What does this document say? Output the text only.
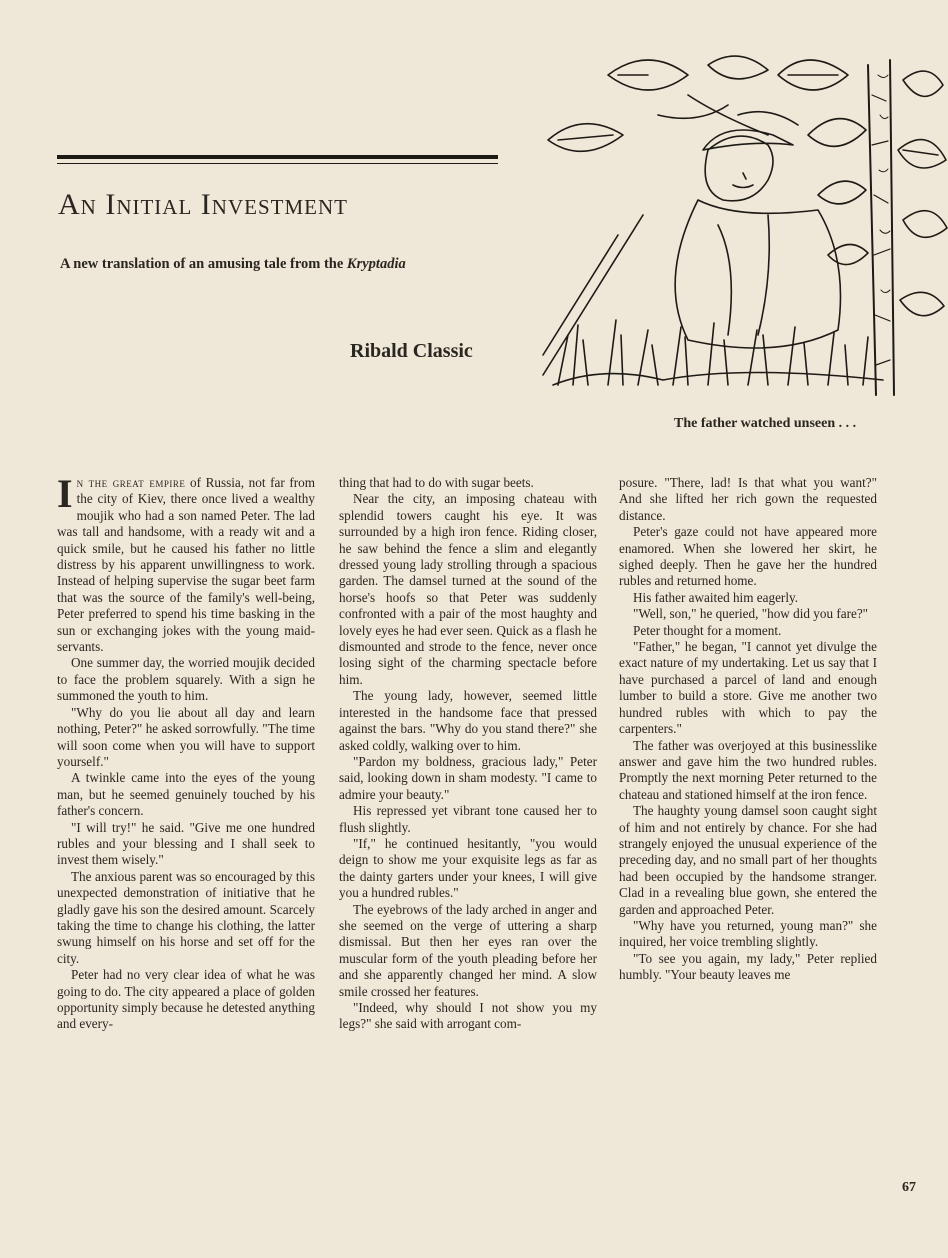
An Initial Investment
A new translation of an amusing tale from the Kryptadia
Ribald Classic
The father watched unseen . . .

In the great empire of Russia, not far from the city of Kiev, there once lived a wealthy moujik who had a son named Peter. The lad was tall and handsome, with a ready wit and a quick smile, but he caused his father no little distress by his apparent unwillingness to work. Instead of helping supervise the sugar beet farm that was the source of the family's well-being, Peter preferred to spend his time basking in the sun or exchanging jokes with the young maid-servants.

One summer day, the worried moujik decided to face the problem squarely. With a sign he summoned the youth to him.

"Why do you lie about all day and learn nothing, Peter?" he asked sorrowfully. "The time will soon come when you will have to support yourself."

A twinkle came into the eyes of the young man, but he seemed genuinely touched by his father's concern.

"I will try!" he said. "Give me one hundred rubles and your blessing and I shall seek to invest them wisely."

The anxious parent was so encouraged by this unexpected demonstration of initiative that he gladly gave his son the desired amount. Scarcely taking the time to change his clothing, the latter swung himself on his horse and set off for the city.

Peter had no very clear idea of what he was going to do. The city appeared a place of golden opportunity simply because he detested anything and every-

thing that had to do with sugar beets.

Near the city, an imposing chateau with splendid towers caught his eye. It was surrounded by a high iron fence. Riding closer, he saw behind the fence a slim and elegantly dressed young lady strolling through a spacious garden. The damsel turned at the sound of the horse's hoofs so that Peter was suddenly confronted with a pair of the most haughty and lovely eyes he had ever seen. Quick as a flash he dismounted and strode to the fence, never once losing sight of the charming spectacle before him.

The young lady, however, seemed little interested in the handsome face that pressed against the bars. "Why do you stand there?" she asked coldly, walking over to him.

"Pardon my boldness, gracious lady," Peter said, looking down in sham modesty. "I came to admire your beauty."

His repressed yet vibrant tone caused her to flush slightly.

"If," he continued hesitantly, "you would deign to show me your exquisite legs as far as the dainty garters under your knees, I will give you a hundred rubles."

The eyebrows of the lady arched in anger and she seemed on the verge of uttering a sharp dismissal. But then her eyes ran over the muscular form of the youth pleading before her and she apparently changed her mind. A slow smile crossed her features.

"Indeed, why should I not show you my legs?" she said with arrogant com-

posure. "There, lad! Is that what you want?" And she lifted her rich gown the requested distance.

Peter's gaze could not have appeared more enamored. When she lowered her skirt, he sighed deeply. Then he gave her the hundred rubles and returned home.

His father awaited him eagerly.

"Well, son," he queried, "how did you fare?"

Peter thought for a moment.

"Father," he began, "I cannot yet divulge the exact nature of my undertaking. Let us say that I have purchased a parcel of land and enough lumber to build a store. Give me another two hundred rubles with which to pay the carpenters."

The father was overjoyed at this businesslike answer and gave him the two hundred rubles. Promptly the next morning Peter returned to the chateau and stationed himself at the iron fence.

The haughty young damsel soon caught sight of him and not entirely by chance. For she had strangely enjoyed the unusual experience of the preceding day, and no small part of her thoughts had been occupied by the handsome stranger. Clad in a revealing blue gown, she entered the garden and approached Peter.

"Why have you returned, young man?" she inquired, her voice trembling slightly.

"To see you again, my lady," Peter replied humbly. "Your beauty leaves me

67
